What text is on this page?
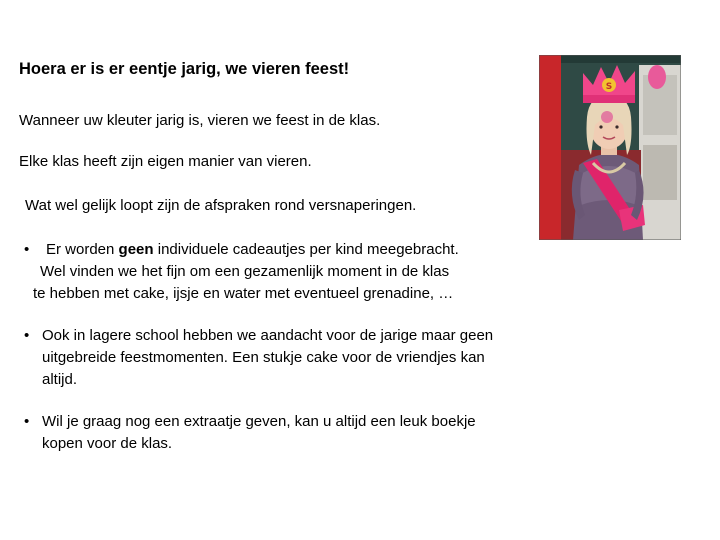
Hoera er is er eentje jarig, we vieren feest!
Wanneer uw kleuter jarig is, vieren we feest in de klas.
Elke klas heeft zijn eigen manier van vieren.
Wat wel gelijk loopt zijn de afspraken rond versnaperingen.
•	Er worden geen individuele cadeautjes per kind meegebracht.
Wel vinden we het fijn om een gezamenlijk moment in de klas
te hebben met cake, ijsje en water met eventueel grenadine, …
• Ook in lagere school hebben we aandacht voor de jarige maar geen uitgebreide feestmomenten. Een stukje cake voor de vriendjes kan altijd.
• Wil je graag nog een extraatje geven, kan u altijd een leuk boekje kopen voor de klas.
S
